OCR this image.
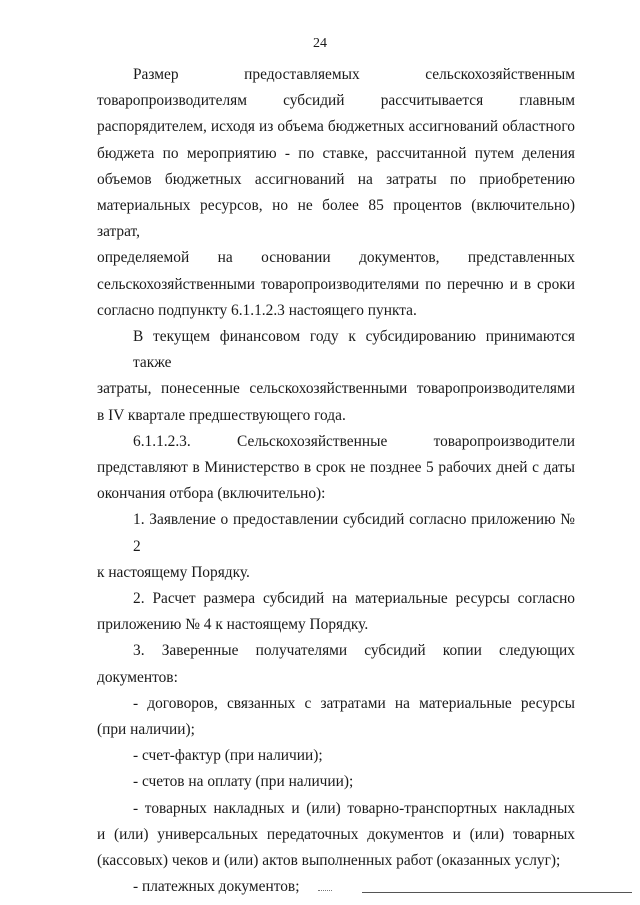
24

Размер предоставляемых сельскохозяйственным
товаропроизводителям субсидий рассчитывается главным
распорядителем, исходя из объема бюджетных ассигнований областного
бюджета по мероприятию - по ставке, рассчитанной путем деления
объемов бюджетных ассигнований на затраты по приобретению
материальных ресурсов, но не более 85 процентов (включительно) затрат,
определяемой на основании документов, представленных
сельскохозяйственными товаропроизводителями по перечню и в сроки
согласно подпункту 6.1.1.2.3 настоящего пункта.

В текущем финансовом году к субсидированию принимаются также
затраты, понесенные сельскохозяйственными товаропроизводителями
в IV квартале предшествующего года.

6.1.1.2.3. Сельскохозяйственные товаропроизводители
представляют в Министерство в срок не позднее 5 рабочих дней с даты
окончания отбора (включительно):

1. Заявление о предоставлении субсидий согласно приложению № 2
к настоящему Порядку.

2. Расчет размера субсидий на материальные ресурсы согласно
приложению № 4 к настоящему Порядку.

3. Заверенные получателями субсидий копии следующих
документов:

- договоров, связанных с затратами на материальные ресурсы
(при наличии);

- счет-фактур (при наличии);

- счетов на оплату (при наличии);

- товарных накладных и (или) товарно-транспортных накладных
и (или) универсальных передаточных документов и (или) товарных
(кассовых) чеков и (или) актов выполненных работ (оказанных услуг);

- платежных документов;
